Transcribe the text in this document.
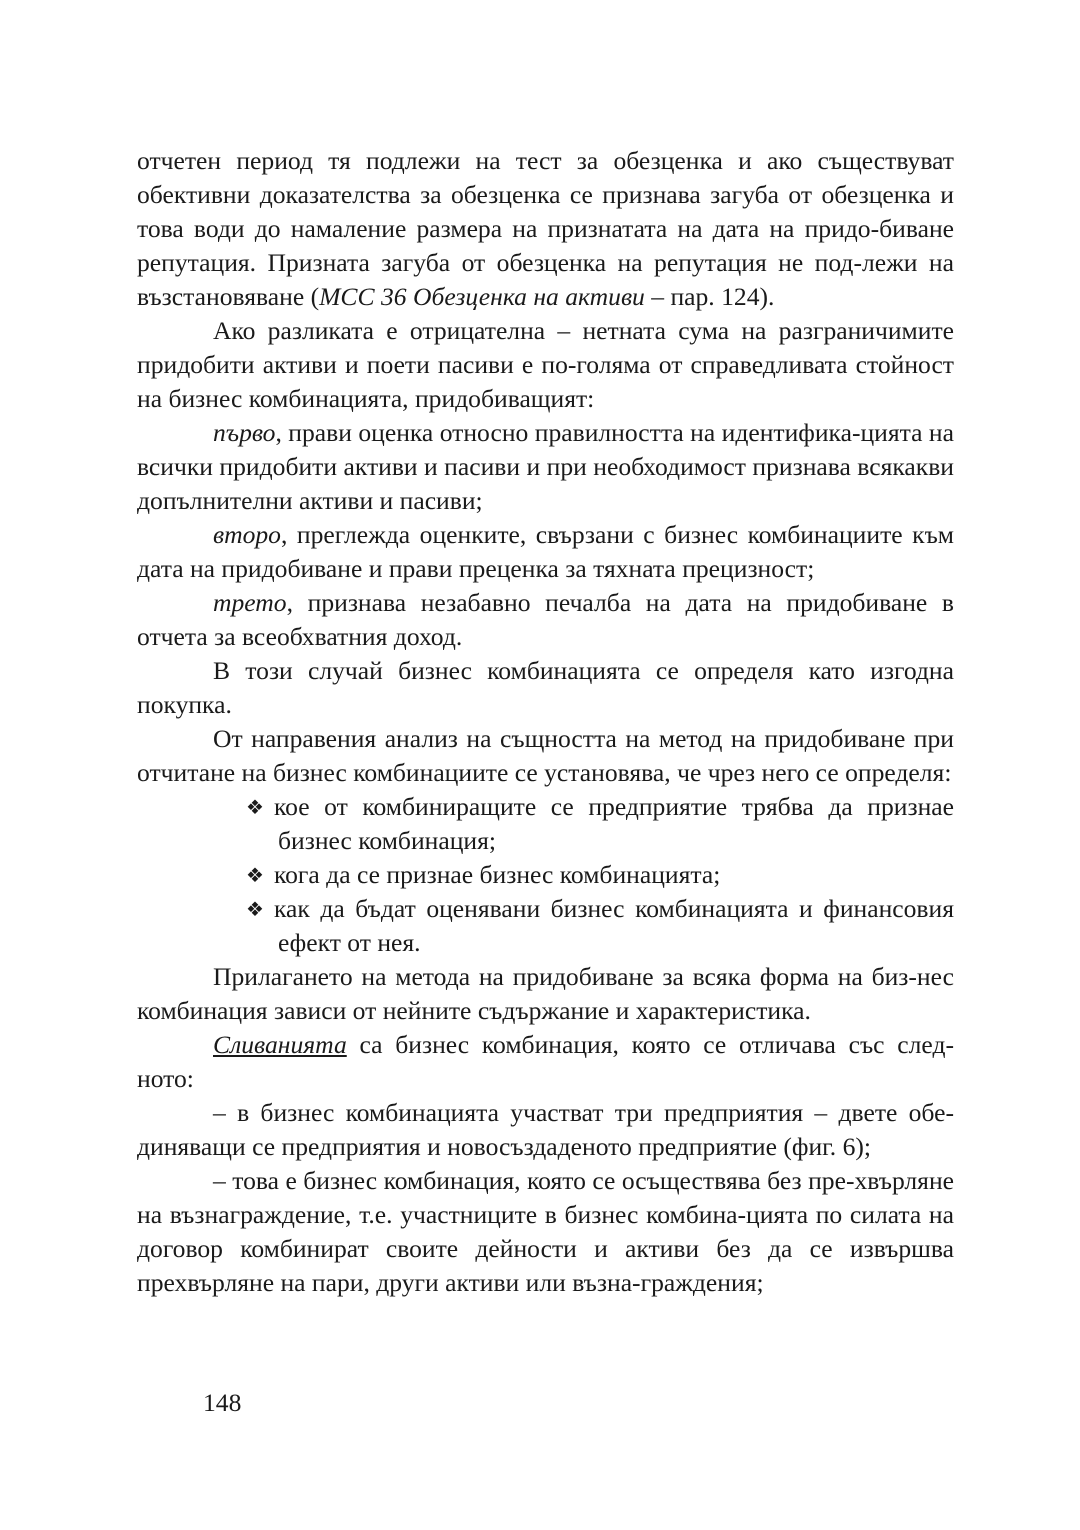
отчетен период тя подлежи на тест за обезценка и ако съществуват обективни доказателства за обезценка се признава загуба от обезценка и това води до намаление размера на признатата на дата на придо-биване репутация. Призната загуба от обезценка на репутация не под-лежи на възстановяване (МСС 36 Обезценка на активи – пар. 124).

Ако разликата е отрицателна – нетната сума на разграничимите придобити активи и поети пасиви е по-голяма от справедливата стойност на бизнес комбинацията, придобиващият:

първо, прави оценка относно правилността на идентифика-цията на всички придобити активи и пасиви и при необходимост признава всякакви допълнителни активи и пасиви;

второ, преглежда оценките, свързани с бизнес комбинациите към дата на придобиване и прави преценка за тяхната прецизност;

трето, признава незабавно печалба на дата на придобиване в отчета за всеобхватния доход.

В този случай бизнес комбинацията се определя като изгодна покупка.

От направения анализ на същността на метод на придобиване при отчитане на бизнес комбинациите се установява, че чрез него се определя:

❖ кое от комбиниращите се предприятие трябва да признае бизнес комбинация;
❖ кога да се признае бизнес комбинацията;
❖ как да бъдат оценявани бизнес комбинацията и финансовия ефект от нея.

Прилагането на метода на придобиване за всяка форма на биз-нес комбинация зависи от нейните съдържание и характеристика.

Сливанията са бизнес комбинация, която се отличава със след-ното:

– в бизнес комбинацията участват три предприятия – двете обе-диняващи се предприятия и новосъздаденото предприятие (фиг. 6);

– това е бизнес комбинация, която се осъществява без пре-хвърляне на възнаграждение, т.е. участниците в бизнес комбина-цията по силата на договор комбинират своите дейности и активи без да се извършва прехвърляне на пари, други активи или възна-граждения;

148
